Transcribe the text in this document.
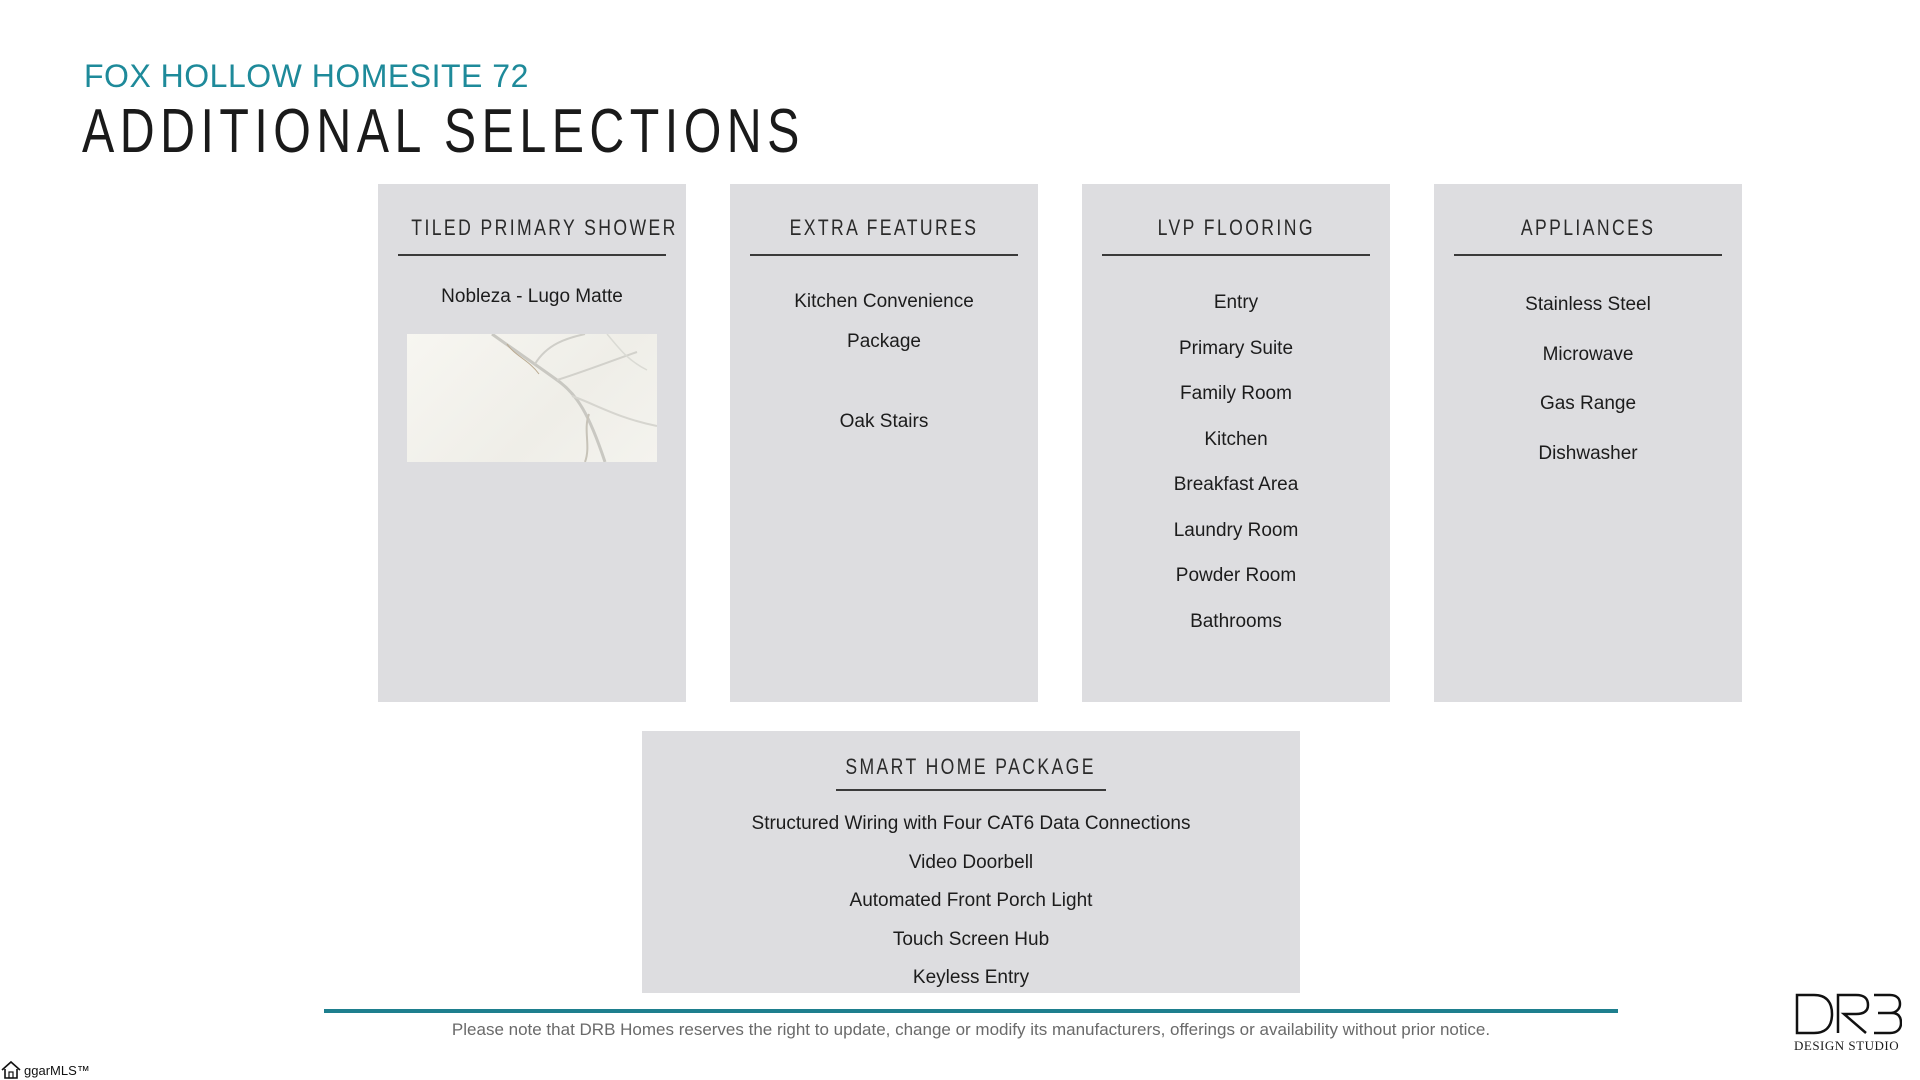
FOX HOLLOW HOMESITE 72
ADDITIONAL SELECTIONS
TILED PRIMARY SHOWER
Nobleza - Lugo Matte
EXTRA FEATURES
Kitchen Convenience
Package
Oak Stairs
LVP FLOORING
Entry
Primary Suite
Family Room
Kitchen
Breakfast Area
Laundry Room
Powder Room
Bathrooms
APPLIANCES
Stainless Steel
Microwave
Gas Range
Dishwasher
SMART HOME PACKAGE
Structured Wiring with Four CAT6 Data Connections
Video Doorbell
Automated Front Porch Light
Touch Screen Hub
Keyless Entry

Please note that DRB Homes reserves the right to update, change or modify its manufacturers, offerings or availability without prior notice.

DESIGN STUDIO
ggarMLS™
